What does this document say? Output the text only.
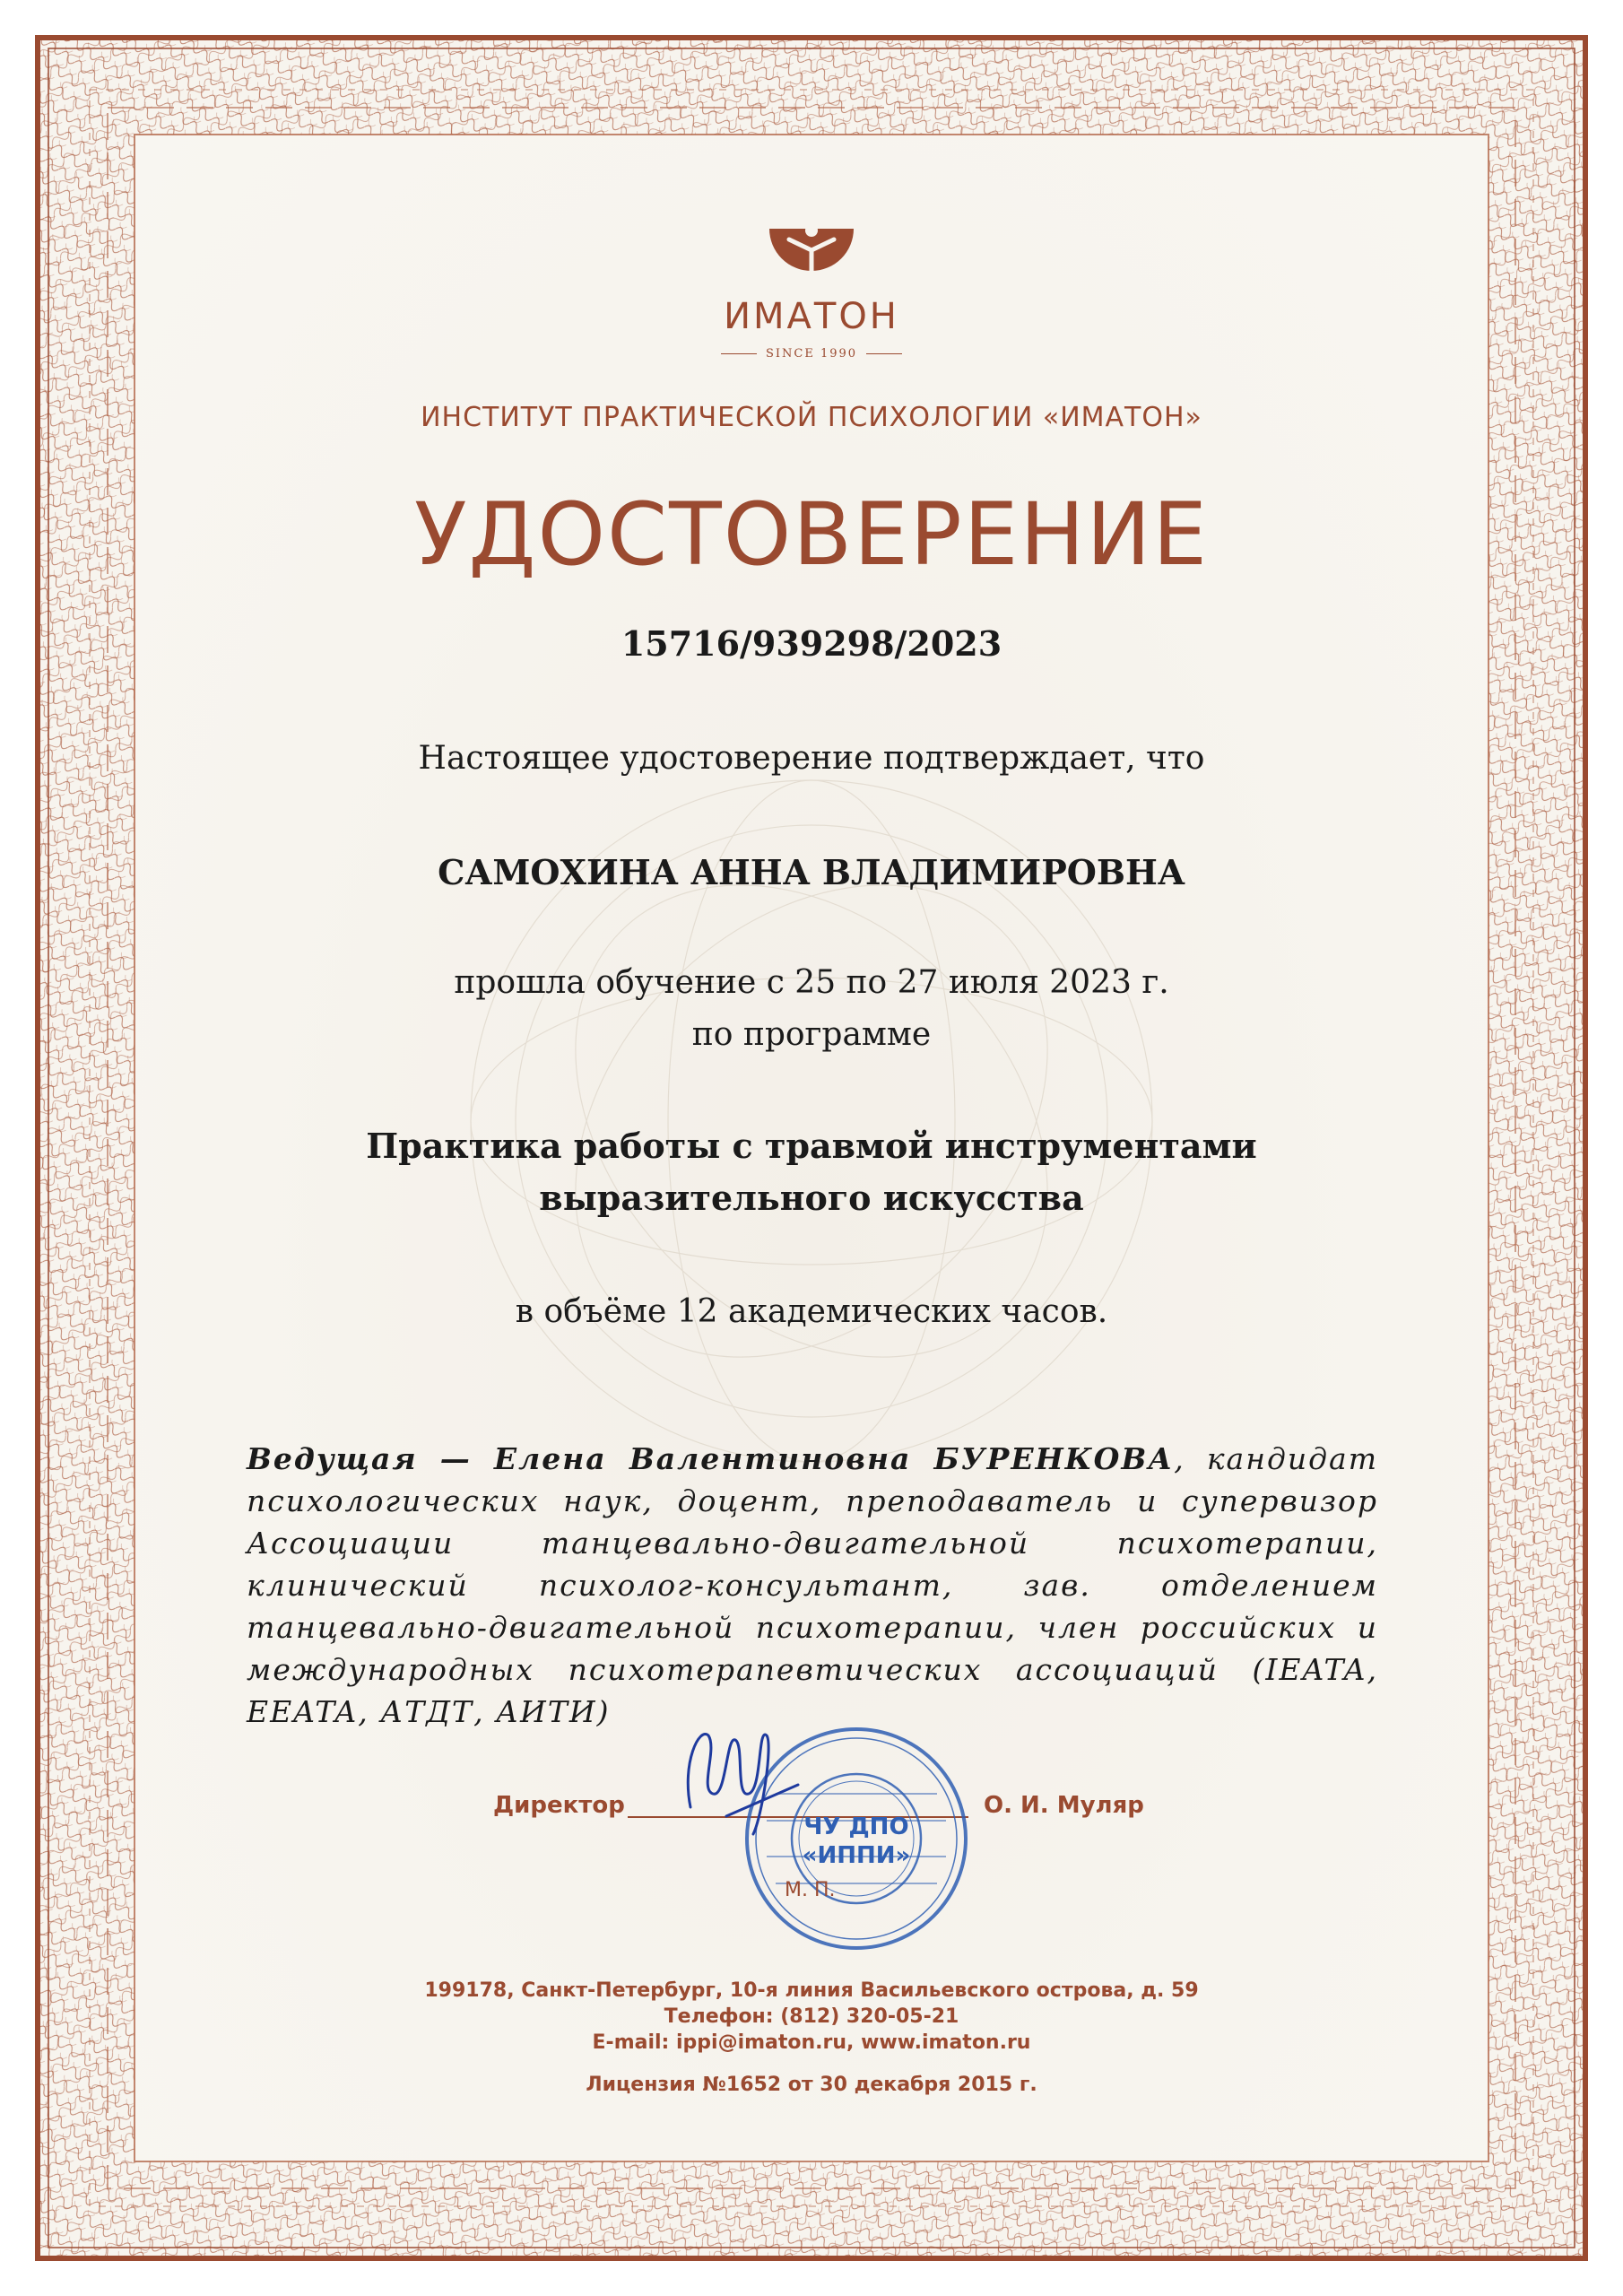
ИМАТОН
SINCE 1990
ИНСТИТУТ ПРАКТИЧЕСКОЙ ПСИХОЛОГИИ «ИМАТОН»
УДОСТОВЕРЕНИЕ
15716/939298/2023
Настоящее удостоверение подтверждает, что
САМОХИНА АННА ВЛАДИМИРОВНА
прошла обучение с 25 по 27 июля 2023 г.
по программе
Практика работы с травмой инструментами
выразительного искусства
в объёме 12 академических часов.
Ведущая — Елена Валентиновна БУРЕНКОВА, кандидат психологических наук, доцент, преподаватель и супервизор Ассоциации танцевально-двигательной психотерапии, клинический психолог-консультант, зав. отделением танцевально-двигательной психотерапии, член российских и международных психотерапевтических ассоциаций (IEATA, EEATA, АТДТ, АИТИ)
Директор	О. И. Муляр
ЧУ ДПО
«ИППИ»
М. П.
199178, Санкт-Петербург, 10-я линия Васильевского острова, д. 59
Телефон: (812) 320-05-21
E-mail: ippi@imaton.ru, www.imaton.ru
Лицензия №1652 от 30 декабря 2015 г.
